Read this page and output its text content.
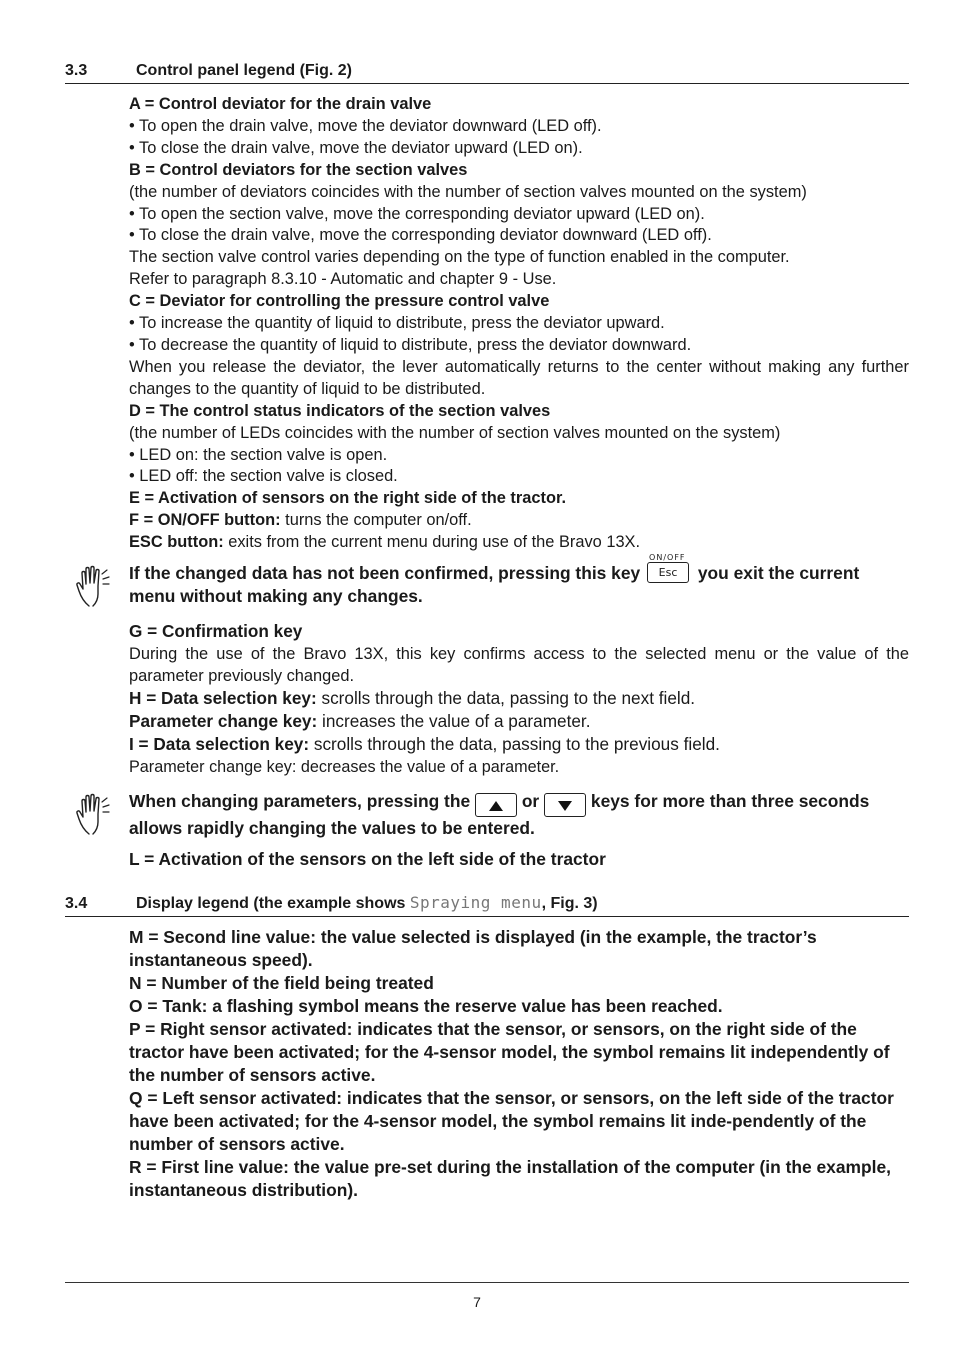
3.3	Control panel legend (Fig. 2)

A = Control deviator for the drain valve

• To open the drain valve, move the deviator downward (LED off).

• To close the drain valve, move the deviator upward (LED on).

B = Control deviators for the section valves

(the number of deviators coincides with the number of section valves mounted on the system)

• To open the section valve, move the corresponding deviator upward (LED on).

• To close the drain valve, move the corresponding deviator downward (LED off).

The section valve control varies depending on the type of function enabled in the computer.

Refer to paragraph 8.3.10 - Automatic and chapter 9 - Use.

C = Deviator for controlling the pressure control valve

• To increase the quantity of liquid to distribute, press the deviator upward.

• To decrease the quantity of liquid to distribute, press the deviator downward.

When you release the deviator, the lever automatically returns to the center without making any further changes to the quantity of liquid to be distributed.

D = The control status indicators of the section valves

(the number of LEDs coincides with the number of section valves mounted on the system)

• LED on: the section valve is open.

• LED off: the section valve is closed.

E = Activation of sensors on the right side of the tractor.

F = ON/OFF button: turns the computer on/off.

ESC button: exits from the current menu during use of the Bravo 13X.

If the changed data has not been confirmed, pressing this key
ON/OFF
Esc	you exit the current menu without making any changes.

G = Confirmation key

During the use of the Bravo 13X, this key confirms access to the selected menu or the value of the parameter previously changed.

H = Data selection key: scrolls through the data, passing to the next field.

Parameter change key: increases the value of a parameter.

I = Data selection key: scrolls through the data, passing to the previous field.

Parameter change key: decreases the value of a parameter.

When changing parameters, pressing the	or	keys for more than three seconds allows rapidly changing the values to be entered.

L = Activation of the sensors on the left side of the tractor

3.4	Display legend (the example shows Spraying menu, Fig. 3)

M = Second line value: the value selected is displayed (in the example, the tractor’s instantaneous speed).

N = Number of the field being treated

O = Tank: a flashing symbol means the reserve value has been reached.

P = Right sensor activated: indicates that the sensor, or sensors, on the right side of the tractor have been activated; for the 4-sensor model, the symbol remains lit independently of the number of sensors active.

Q = Left sensor activated: indicates that the sensor, or sensors, on the left side of the tractor have been activated; for the 4-sensor model, the symbol remains lit inde-pendently of the number of sensors active.

R = First line value: the value pre-set during the installation of the computer (in the example, instantaneous distribution).

7
